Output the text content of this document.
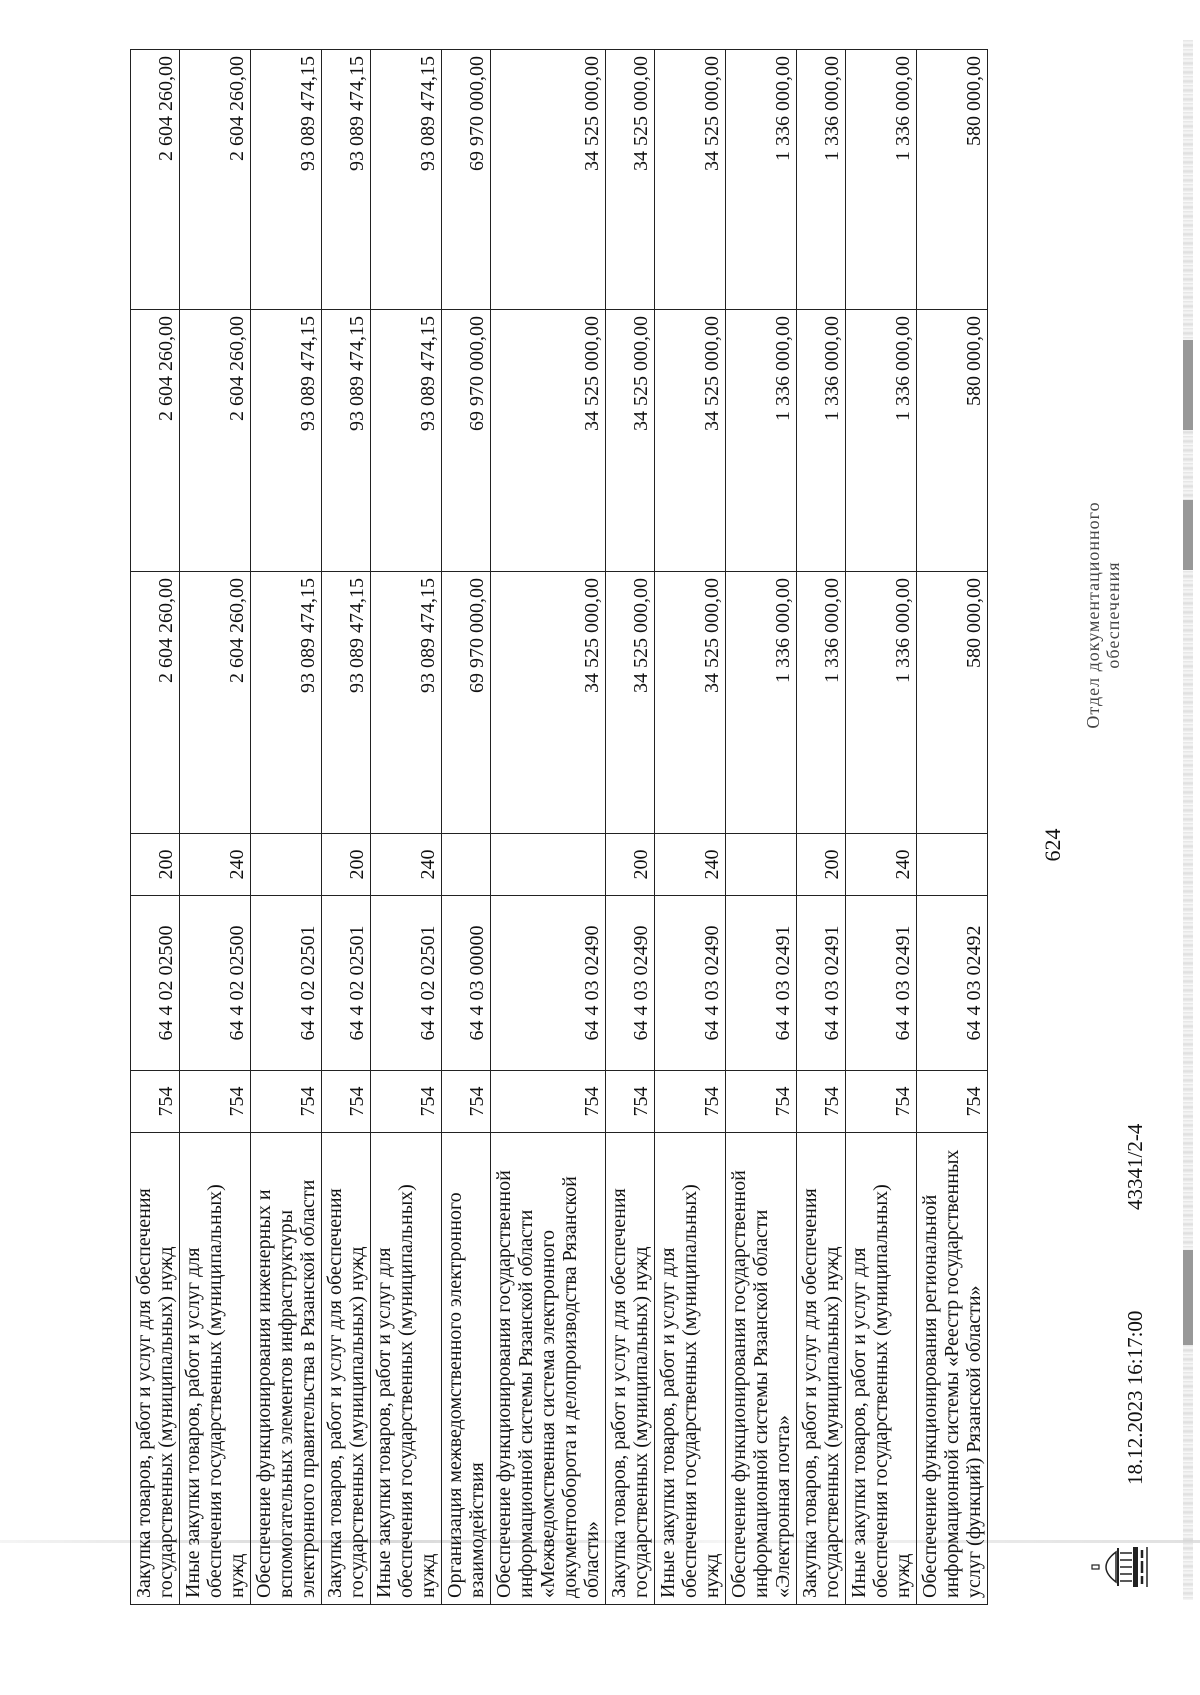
624
Закупка товаров, работ и услуг для обеспечения государственных (муниципальных) нужд	754	64 4 02 02500	200	2 604 260,00	2 604 260,00	2 604 260,00
Иные закупки товаров, работ и услуг для обеспечения государственных (муниципальных) нужд	754	64 4 02 02500	240	2 604 260,00	2 604 260,00	2 604 260,00
Обеспечение функционирования инженерных и вспомогательных элементов инфраструктуры электронного правительства в Рязанской области	754	64 4 02 02501		93 089 474,15	93 089 474,15	93 089 474,15
Закупка товаров, работ и услуг для обеспечения государственных (муниципальных) нужд	754	64 4 02 02501	200	93 089 474,15	93 089 474,15	93 089 474,15
Иные закупки товаров, работ и услуг для обеспечения государственных (муниципальных) нужд	754	64 4 02 02501	240	93 089 474,15	93 089 474,15	93 089 474,15
Организация межведомственного электронного взаимодействия	754	64 4 03 00000		69 970 000,00	69 970 000,00	69 970 000,00
Обеспечение функционирования государственной информационной системы Рязанской области «Межведомственная система электронного документооборота и делопроизводства Рязанской области»	754	64 4 03 02490		34 525 000,00	34 525 000,00	34 525 000,00
Закупка товаров, работ и услуг для обеспечения государственных (муниципальных) нужд	754	64 4 03 02490	200	34 525 000,00	34 525 000,00	34 525 000,00
Иные закупки товаров, работ и услуг для обеспечения государственных (муниципальных) нужд	754	64 4 03 02490	240	34 525 000,00	34 525 000,00	34 525 000,00
Обеспечение функционирования государственной информационной системы Рязанской области «Электронная почта»	754	64 4 03 02491		1 336 000,00	1 336 000,00	1 336 000,00
Закупка товаров, работ и услуг для обеспечения государственных (муниципальных) нужд	754	64 4 03 02491	200	1 336 000,00	1 336 000,00	1 336 000,00
Иные закупки товаров, работ и услуг для обеспечения государственных (муниципальных) нужд	754	64 4 03 02491	240	1 336 000,00	1 336 000,00	1 336 000,00
Обеспечение функционирования региональной информационной системы «Реестр государственных услуг (функций) Рязанской области»	754	64 4 03 02492		580 000,00	580 000,00	580 000,00
18.12.2023 16:17:00
43341/2-4
Отдел документационного обеспечения
